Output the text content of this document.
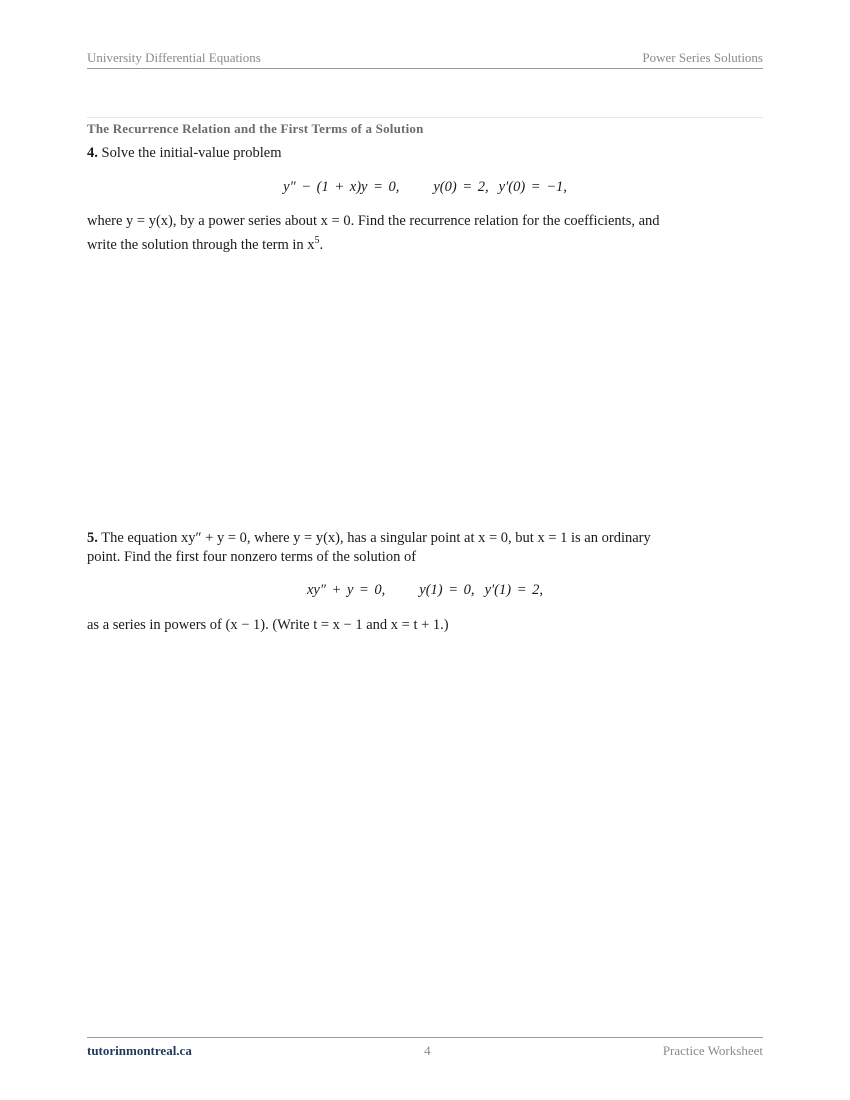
University Differential Equations	Power Series Solutions
The Recurrence Relation and the First Terms of a Solution
4. Solve the initial-value problem
y″ − (1 + x)y = 0, y(0) = 2, y′(0) = −1,
where y = y(x), by a power series about x = 0. Find the recurrence relation for the coefficients, and
write the solution through the term in $x^5$.
5. The equation xy″ + y = 0, where y = y(x), has a singular point at x = 0, but x = 1 is an ordinary
point. Find the first four nonzero terms of the solution of
xy″ + y = 0, y(1) = 0, y′(1) = 2,
as a series in powers of (x − 1). (Write t = x − 1 and x = t + 1.)
tutorinmontreal.ca	4	Practice Worksheet
